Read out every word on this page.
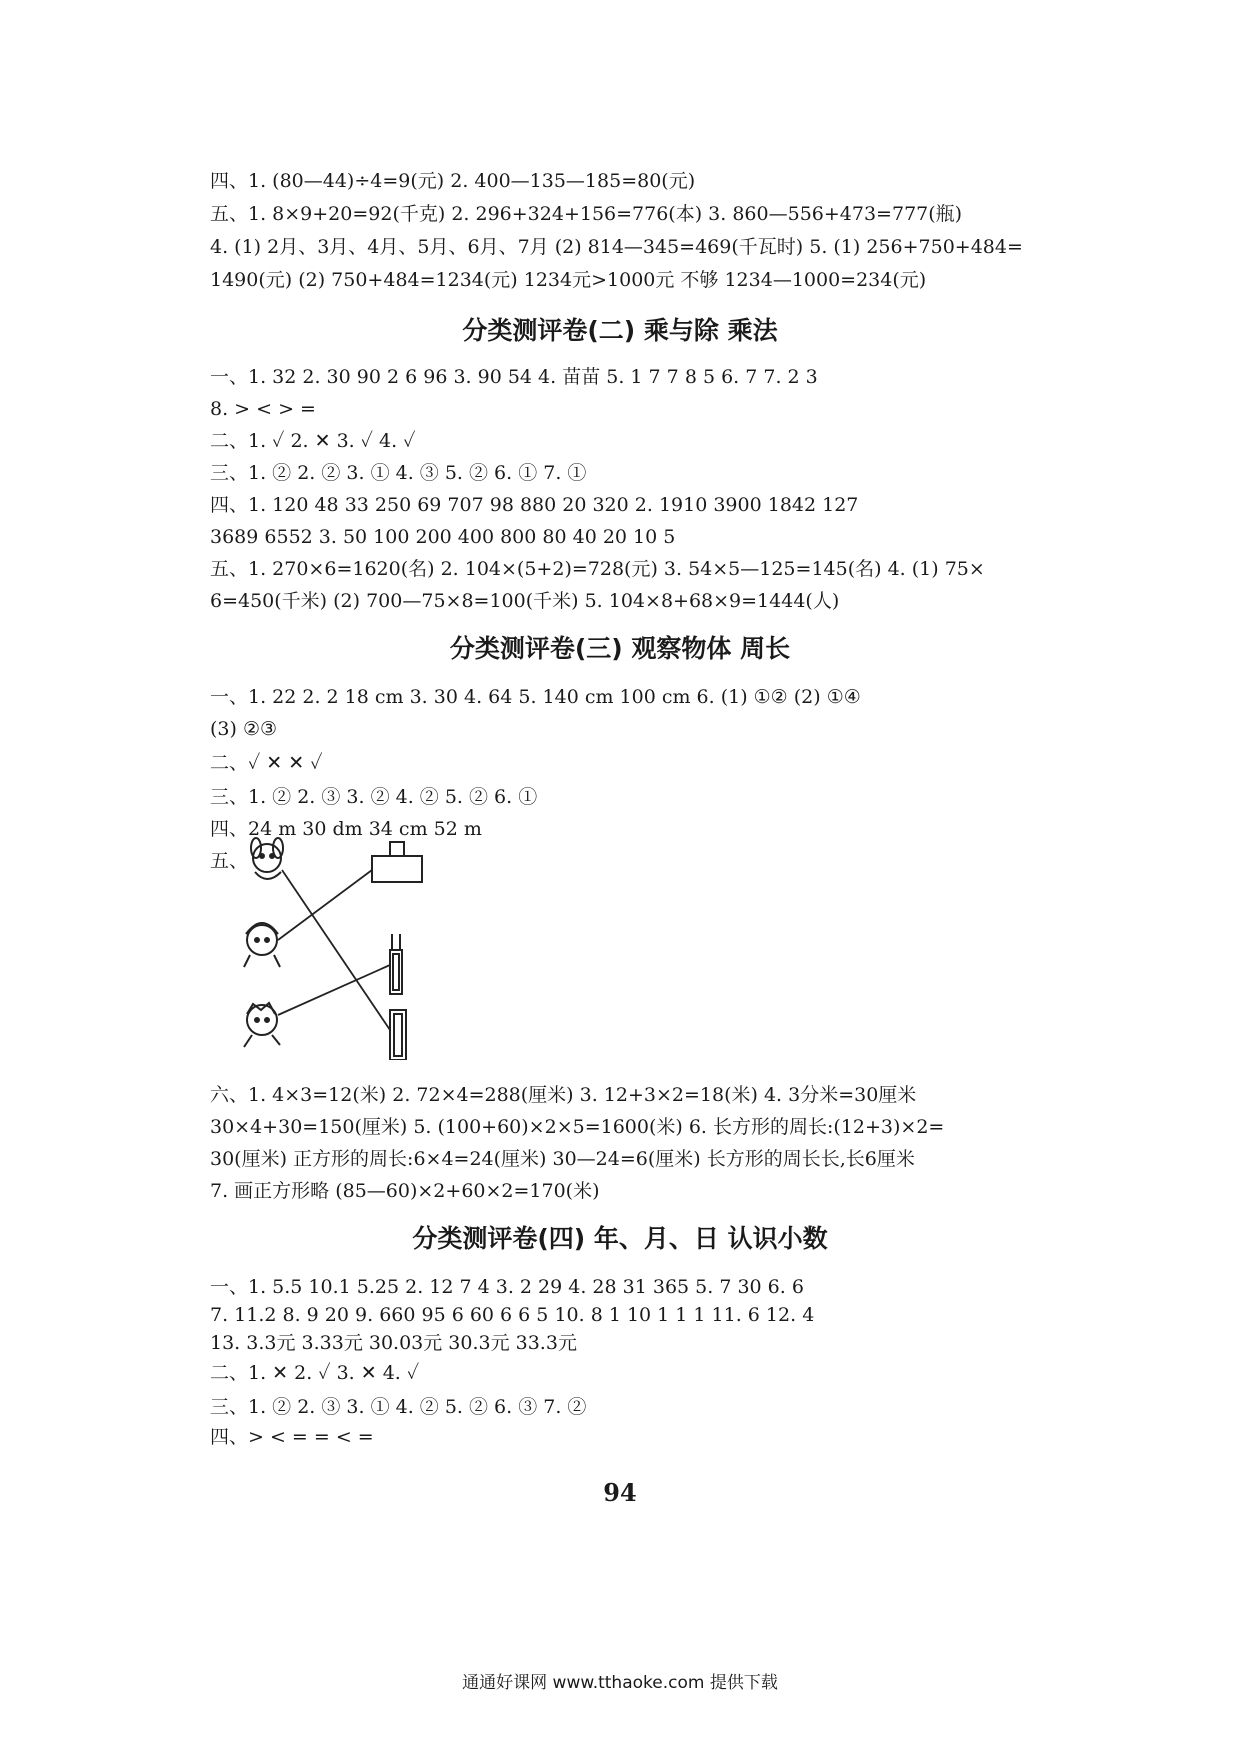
四、1. (80—44)÷4=9(元) 2. 400—135—185=80(元)
五、1. 8×9+20=92(千克) 2. 296+324+156=776(本) 3. 860—556+473=777(瓶)
4. (1) 2月、3月、4月、5月、6月、7月 (2) 814—345=469(千瓦时) 5. (1) 256+750+484=
1490(元) (2) 750+484=1234(元) 1234元>1000元 不够 1234—1000=234(元)
分类测评卷(二) 乘与除 乘法
一、1. 32 2. 30 90 2 6 96 3. 90 54 4. 苗苗 5. 1 7 7 8 5 6. 7 7. 2 3
8. > < > =
二、1. ✓ 2. ✕ 3. ✓ 4. ✓
三、1. ② 2. ② 3. ① 4. ③ 5. ② 6. ① 7. ①
四、1. 120 48 33 250 69 707 98 880 20 320 2. 1910 3900 1842 127
3689 6552 3. 50 100 200 400 800 80 40 20 10 5
五、1. 270×6=1620(名) 2. 104×(5+2)=728(元) 3. 54×5—125=145(名) 4. (1) 75×
6=450(千米) (2) 700—75×8=100(千米) 5. 104×8+68×9=1444(人)
分类测评卷(三) 观察物体 周长
一、1. 22 2. 2 18 cm 3. 30 4. 64 5. 140 cm 100 cm 6. (1) ①② (2) ①④
(3) ②③
二、✓ ✕ ✕ ✓
三、1. ② 2. ③ 3. ② 4. ② 5. ② 6. ①
四、24 m 30 dm 34 cm 52 m
五、
六、1. 4×3=12(米) 2. 72×4=288(厘米) 3. 12+3×2=18(米) 4. 3分米=30厘米
30×4+30=150(厘米) 5. (100+60)×2×5=1600(米) 6. 长方形的周长:(12+3)×2=
30(厘米) 正方形的周长:6×4=24(厘米) 30—24=6(厘米) 长方形的周长长,长6厘米
7. 画正方形略 (85—60)×2+60×2=170(米)
分类测评卷(四) 年、月、日 认识小数
一、1. 5.5 10.1 5.25 2. 12 7 4 3. 2 29 4. 28 31 365 5. 7 30 6. 6
7. 11.2 8. 9 20 9. 660 95 6 60 6 6 5 10. 8 1 10 1 1 1 11. 6 12. 4
13. 3.3元 3.33元 30.03元 30.3元 33.3元
二、1. ✕ 2. ✓ 3. ✕ 4. ✓
三、1. ② 2. ③ 3. ① 4. ② 5. ② 6. ③ 7. ②
四、> < = = < =
94
通通好课网 www.tthaoke.com 提供下载
